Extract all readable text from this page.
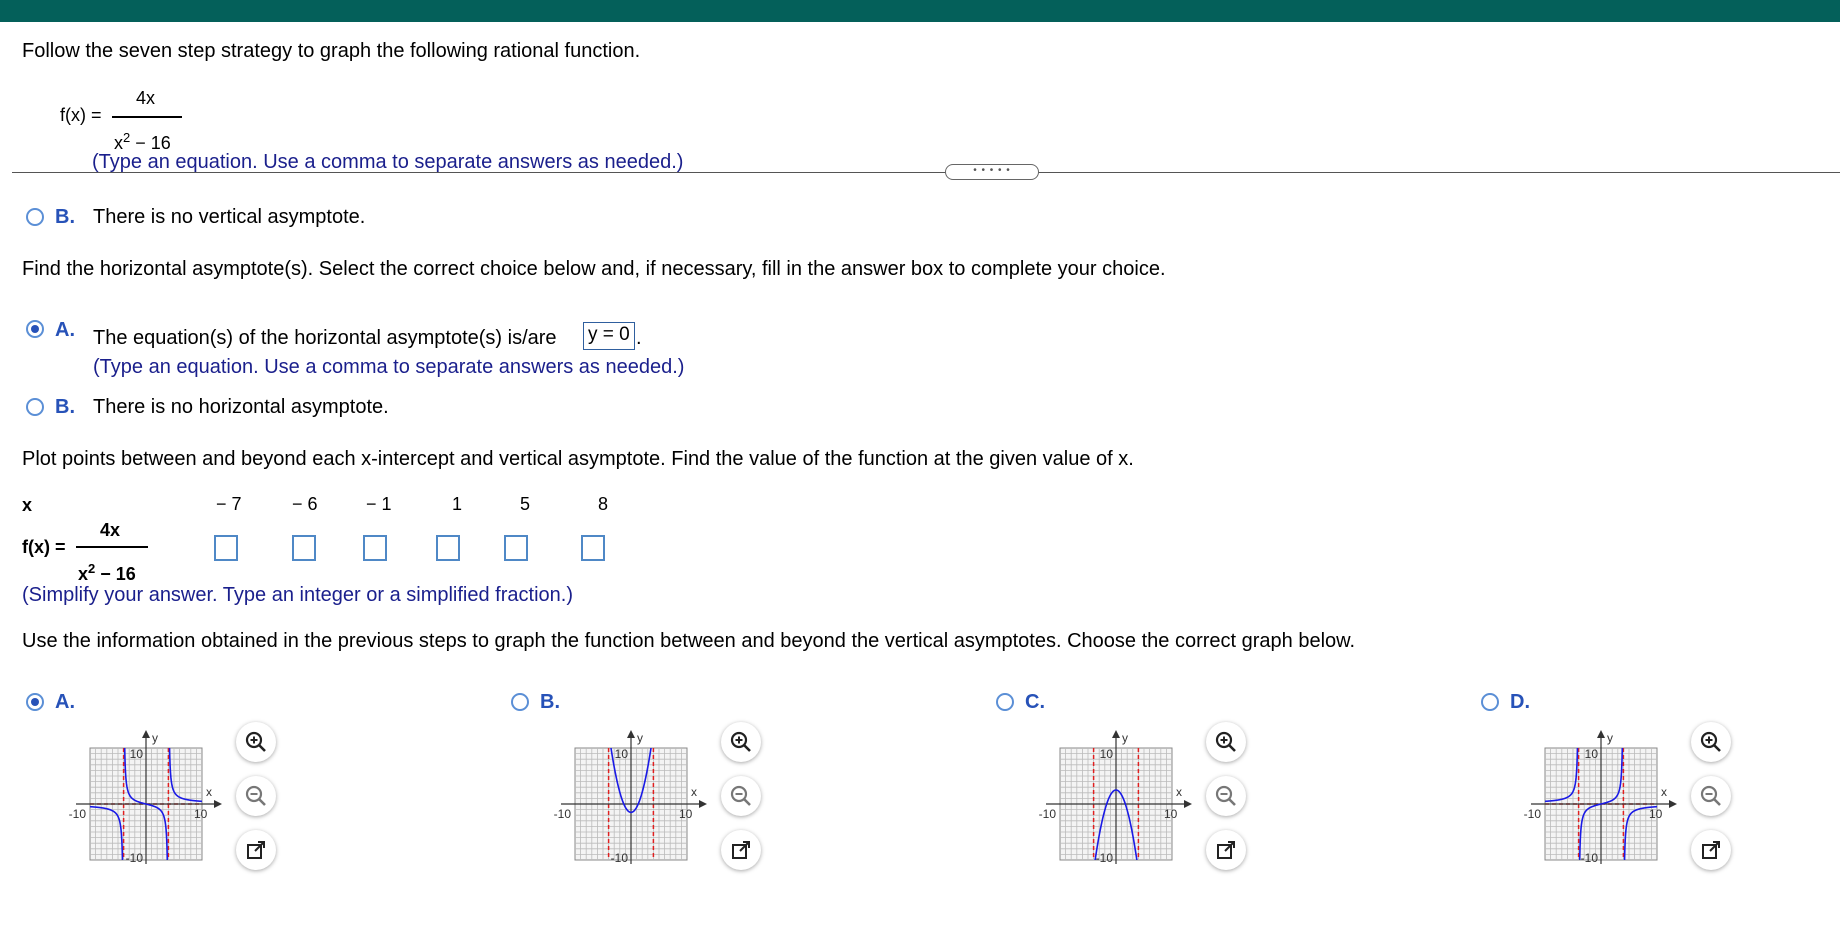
Follow the seven step strategy to graph the following rational function.
f(x) =
4x
$x^2 - 16$
• • • • •
(Type an equation. Use a comma to separate answers as needed.)
B. There is no vertical asymptote.
Find the horizontal asymptote(s). Select the correct choice below and, if necessary, fill in the answer box to complete your choice.
A. The equation(s) of the horizontal asymptote(s) is/are y = 0 .
(Type an equation. Use a comma to separate answers as needed.)
B. There is no horizontal asymptote.
Plot points between and beyond each x-intercept and vertical asymptote. Find the value of the function at the given value of x.
x	− 7	− 6	− 1	1	5	8
f(x) =
4x
$x^2 - 16$
(Simplify your answer. Type an integer or a simplified fraction.)
Use the information obtained in the previous steps to graph the function between and beyond the vertical asymptotes. Choose the correct graph below.
A.
y
x
10
-10
-10	10
B.
y
x
10
-10
-10	10
C.
y
x
10
-10
-10	10
D.
y
x
10
-10
-10	10
